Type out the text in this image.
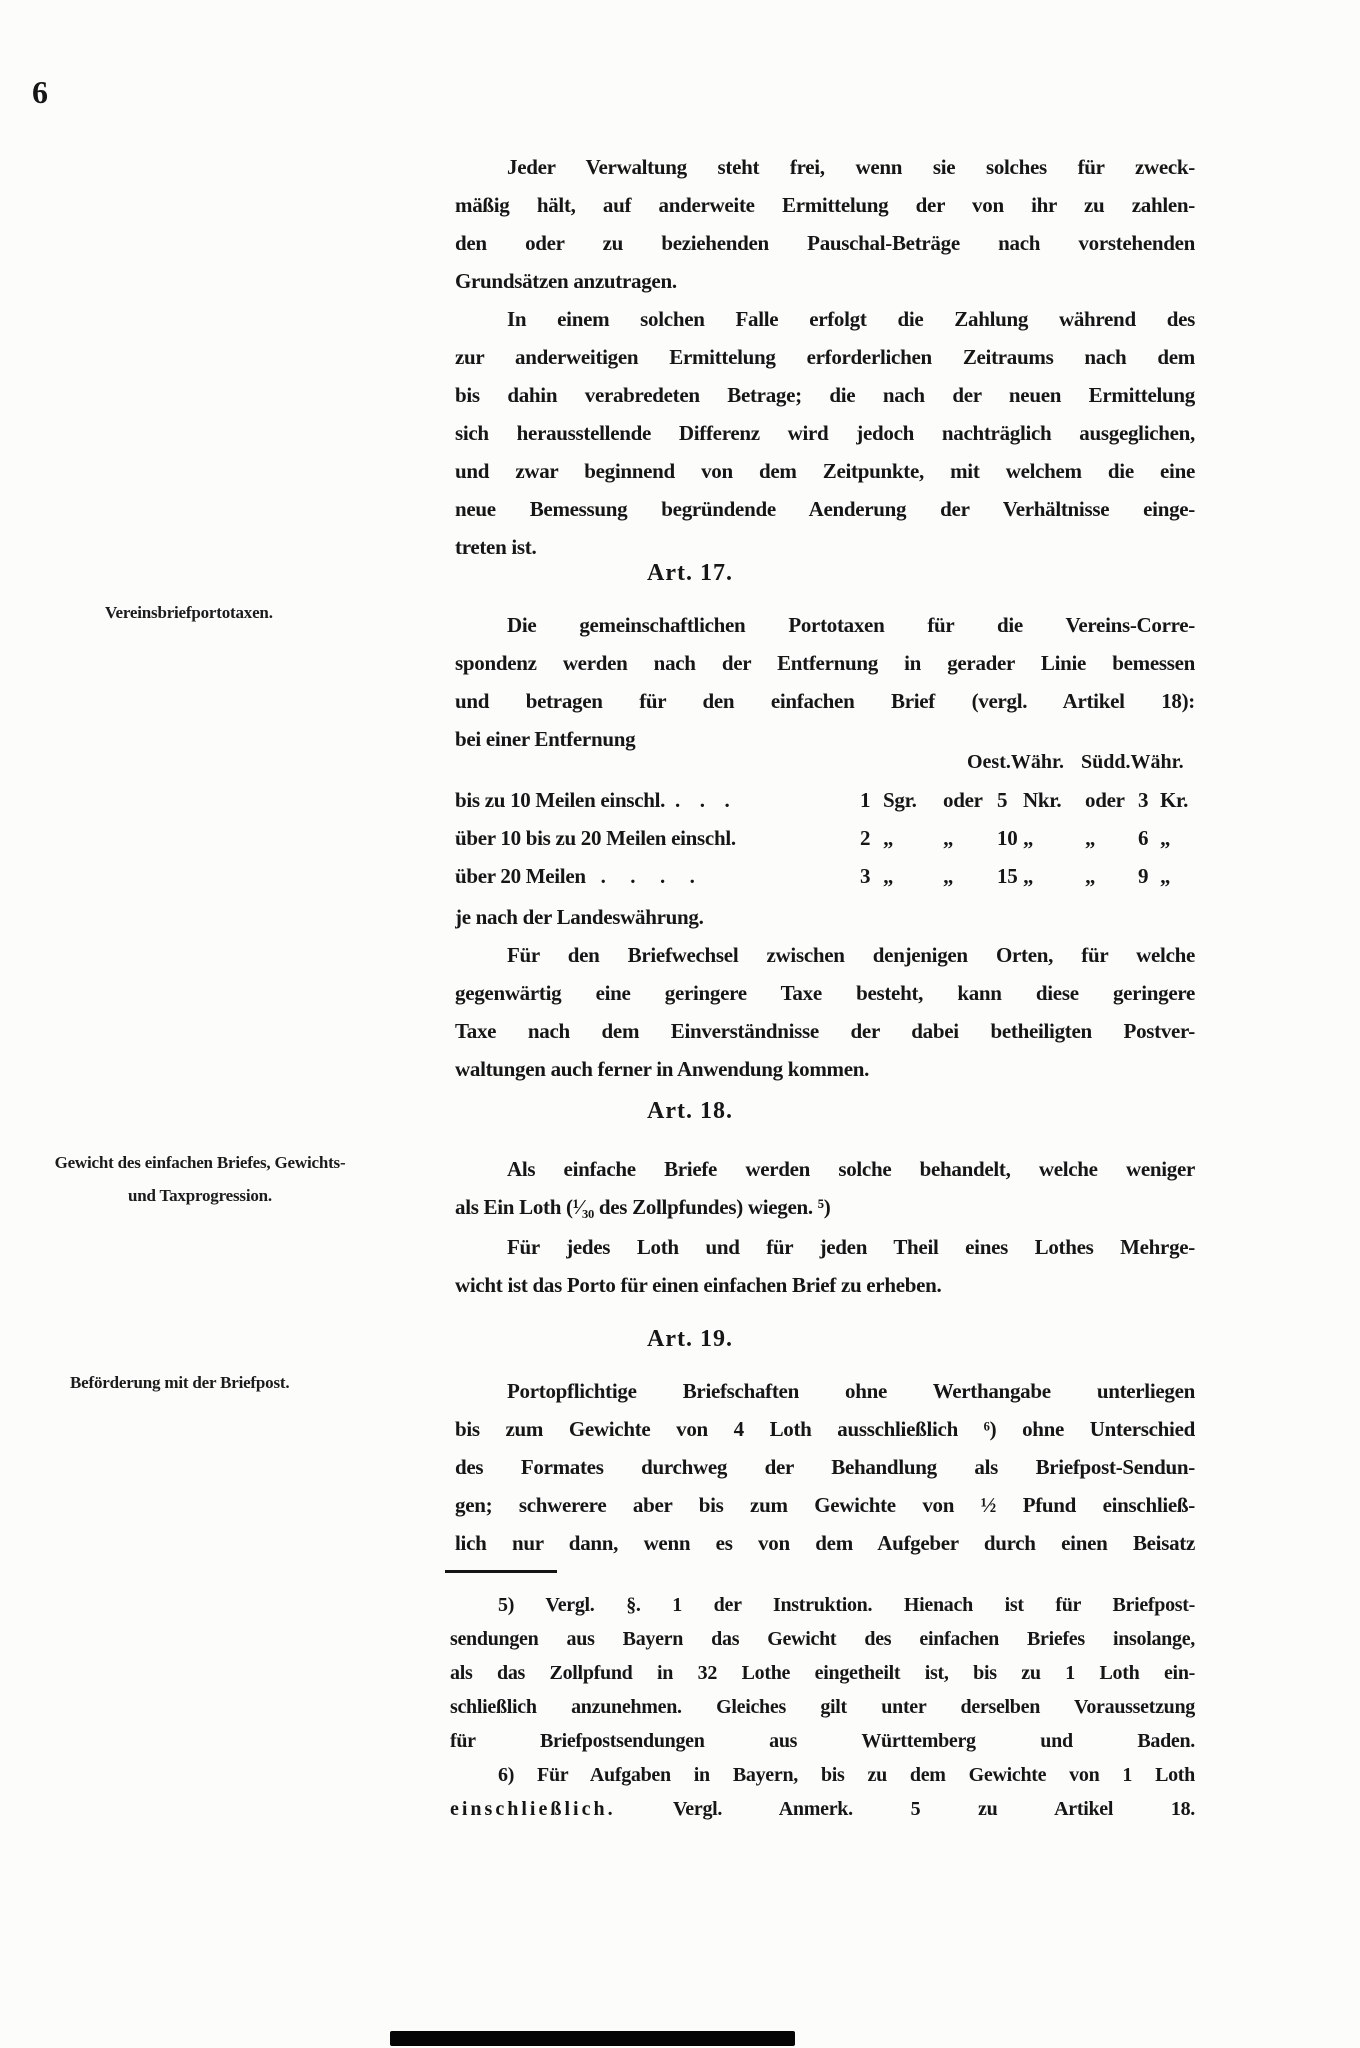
6
Jeder Verwaltung steht frei, wenn sie solches für zweck-
mäßig hält, auf anderweite Ermittelung der von ihr zu zahlen-
den oder zu beziehenden Pauschal-Beträge nach vorstehenden
Grundsätzen anzutragen.
In einem solchen Falle erfolgt die Zahlung während des
zur anderweitigen Ermittelung erforderlichen Zeitraums nach dem
bis dahin verabredeten Betrage; die nach der neuen Ermittelung
sich herausstellende Differenz wird jedoch nachträglich ausgeglichen,
und zwar beginnend von dem Zeitpunkte, mit welchem die eine
neue Bemessung begründende Aenderung der Verhältnisse einge-
treten ist.
Art. 17.
Vereinsbriefportotaxen.
Die gemeinschaftlichen Portotaxen für die Vereins-Corre-
spondenz werden nach der Entfernung in gerader Linie bemessen
und betragen für den einfachen Brief (vergl. Artikel 18):
bei einer Entfernung
Oest.Währ. Südd.Währ.
bis zu 10 Meilen einschl.  .    .    .	1 Sgr. oder 5 Nkr. oder 3 Kr.
über 10 bis zu 20 Meilen einschl.	2 „ „ 10 „ „ 6 „
über 20 Meilen   .     .     .     .	3 „ „ 15 „ „ 9 „
je nach der Landeswährung.
Für den Briefwechsel zwischen denjenigen Orten, für welche
gegenwärtig eine geringere Taxe besteht, kann diese geringere
Taxe nach dem Einverständnisse der dabei betheiligten Postver-
waltungen auch ferner in Anwendung kommen.
Art. 18.
Gewicht des einfachen Briefes, Gewichts-
und Taxprogression.
Als einfache Briefe werden solche behandelt, welche weniger
als Ein Loth (¹⁄₃₀ des Zollpfundes) wiegen. ⁵)
Für jedes Loth und für jeden Theil eines Lothes Mehrge-
wicht ist das Porto für einen einfachen Brief zu erheben.
Art. 19.
Beförderung mit der Briefpost.	Portopflichtige Briefschaften ohne Werthangabe unterliegen
bis zum Gewichte von 4 Loth ausschließlich ⁶) ohne Unterschied
des Formates durchweg der Behandlung als Briefpost-Sendun-
gen; schwerere aber bis zum Gewichte von ½ Pfund einschließ-
lich nur dann, wenn es von dem Aufgeber durch einen Beisatz
5) Vergl. §. 1 der Instruktion. Hienach ist für Briefpost-
sendungen aus Bayern das Gewicht des einfachen Briefes insolange,
als das Zollpfund in 32 Lothe eingetheilt ist, bis zu 1 Loth ein-
schließlich anzunehmen. Gleiches gilt unter derselben Voraussetzung
für Briefpostsendungen aus Württemberg und Baden.
6) Für Aufgaben in Bayern, bis zu dem Gewichte von 1 Loth
einschließlich. Vergl. Anmerk. 5 zu Artikel 18.
